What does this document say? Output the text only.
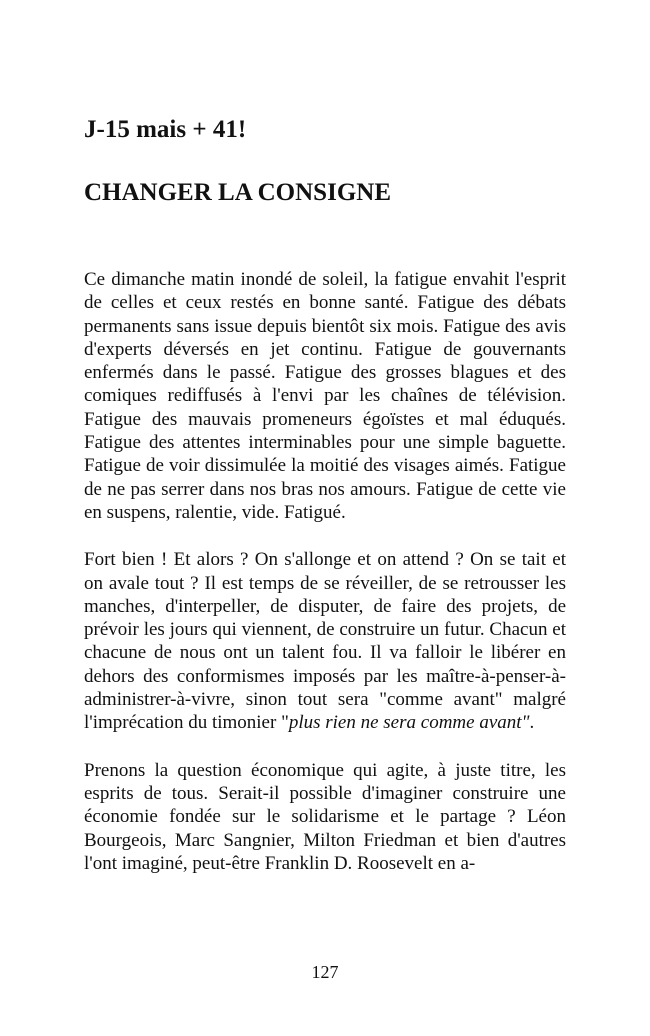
J-15 mais + 41!
CHANGER LA CONSIGNE

Ce dimanche matin inondé de soleil, la fatigue envahit l'esprit de celles et ceux restés en bonne santé. Fatigue des débats permanents sans issue depuis bientôt six mois. Fatigue des avis d'experts déversés en jet continu. Fatigue de gouvernants enfermés dans le passé. Fatigue des grosses blagues et des comiques rediffusés à l'envi par les chaînes de télévision. Fatigue des mauvais promeneurs égoïstes et mal éduqués. Fatigue des attentes interminables pour une simple baguette. Fatigue de voir dissimulée la moitié des visages aimés. Fatigue de ne pas serrer dans nos bras nos amours. Fatigue de cette vie en suspens, ralentie, vide. Fatigué.

Fort bien ! Et alors ? On s'allonge et on attend ? On se tait et on avale tout ? Il est temps de se réveiller, de se retrousser les manches, d'interpeller, de disputer, de faire des projets, de prévoir les jours qui viennent, de construire un futur. Chacun et chacune de nous ont un talent fou. Il va falloir le libérer en dehors des conformismes imposés par les maître-à-penser-à-administrer-à-vivre, sinon tout sera "comme avant" malgré l'imprécation du timonier "plus rien ne sera comme avant".

Prenons la question économique qui agite, à juste titre, les esprits de tous. Serait-il possible d'imaginer construire une économie fondée sur le solidarisme et le partage ? Léon Bourgeois, Marc Sangnier, Milton Friedman et bien d'autres l'ont imaginé, peut-être Franklin D. Roosevelt en a-

127
